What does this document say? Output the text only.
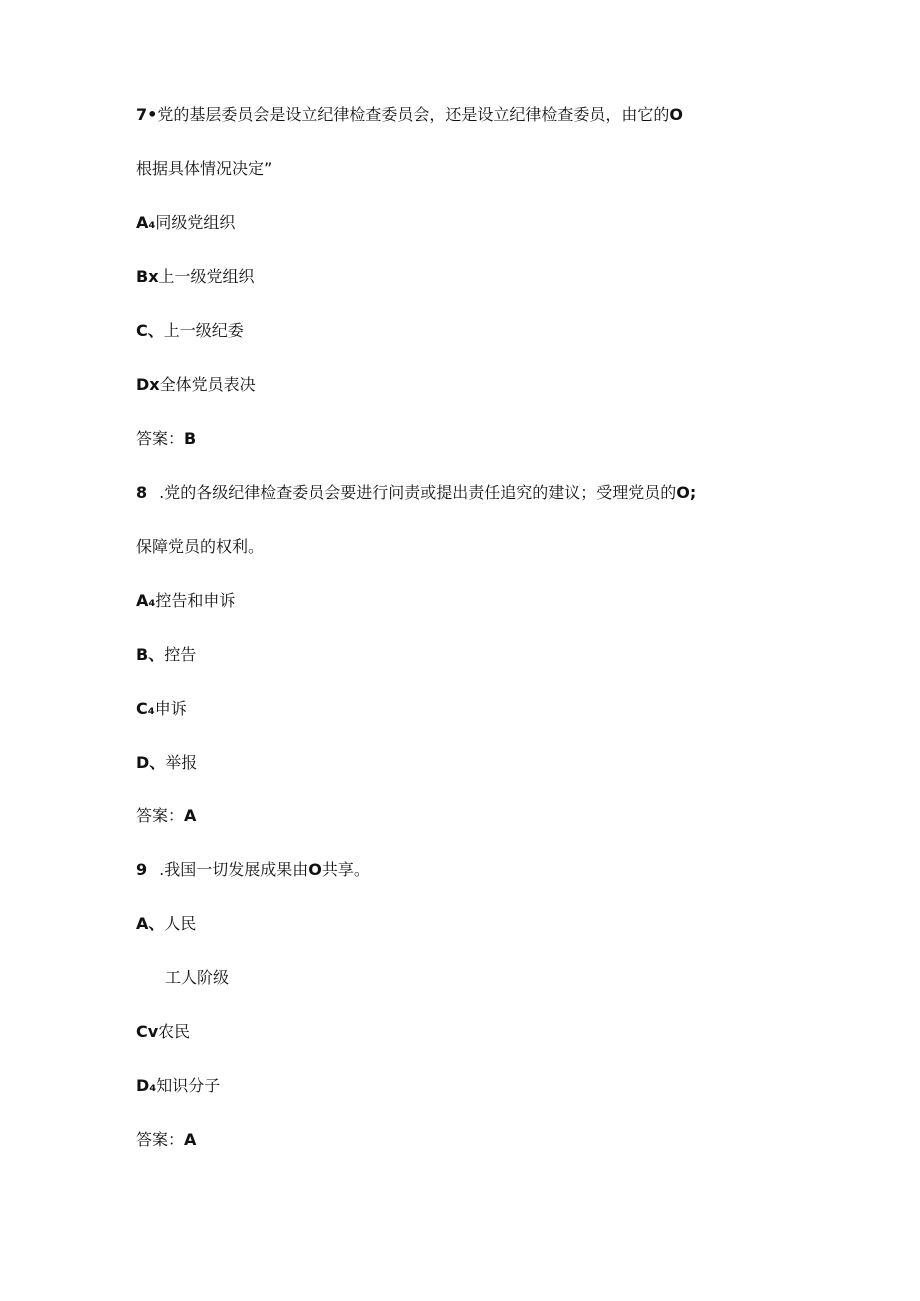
7•党的基层委员会是设立纪律检查委员会，还是设立纪律检查委员，由它的O
根据具体情况决定”
A₄同级党组织
Bx上一级党组织
C、上一级纪委
Dx全体党员表决
答案：B
8 .党的各级纪律检查委员会要进行问责或提出责任追究的建议；受理党员的O;
保障党员的权利。
A₄控告和申诉
B、控告
C₄申诉
D、举报
答案：A
9 .我国一切发展成果由O共享。
A、人民
工人阶级
Cv农民
D₄知识分子
答案：A
